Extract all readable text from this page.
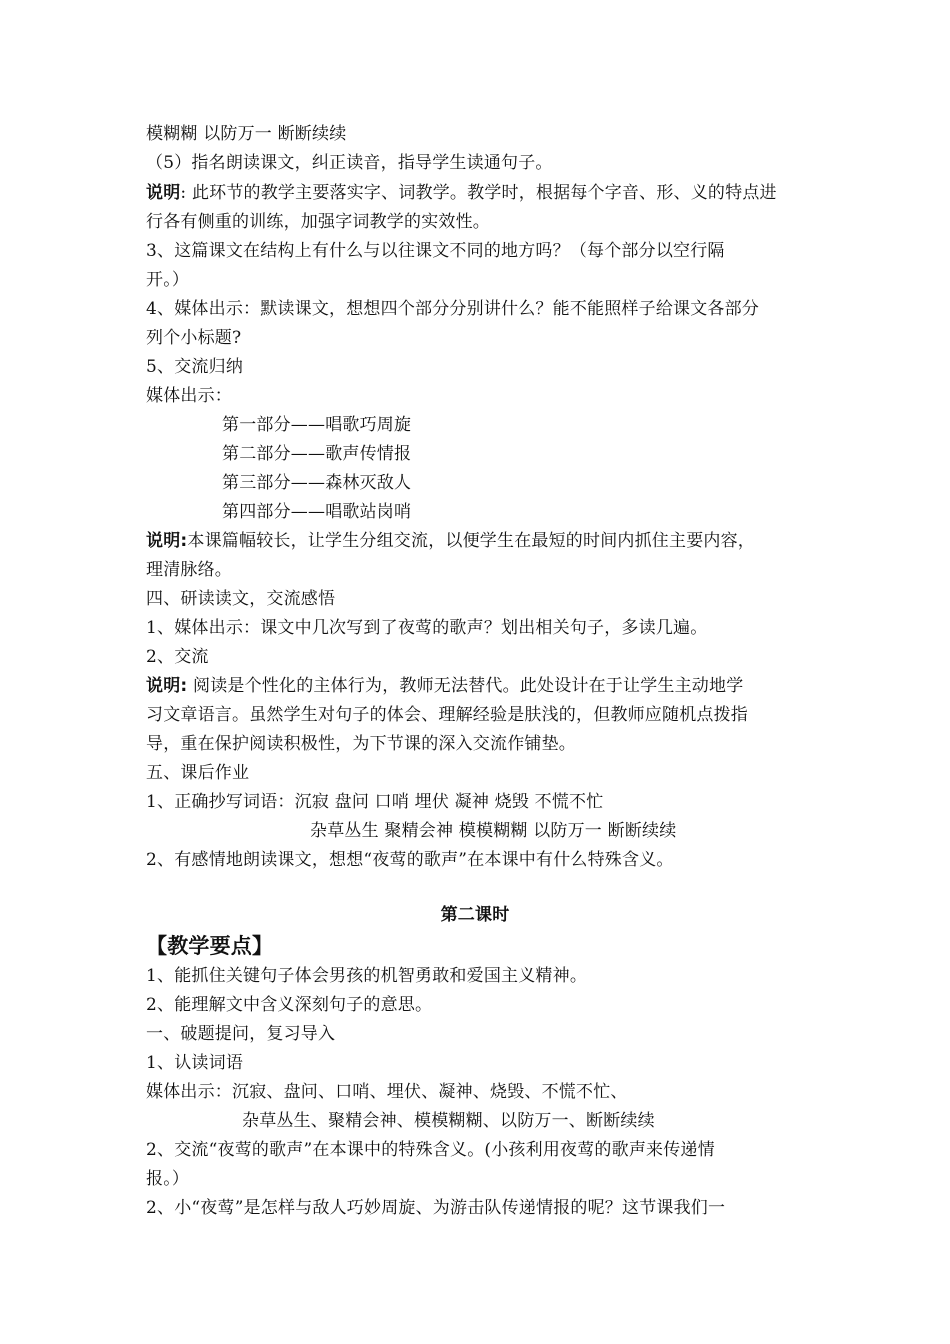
模糊糊 以防万一 断断续续
（5）指名朗读课文，纠正读音，指导学生读通句子。
说明: 此环节的教学主要落实字、词教学。教学时，根据每个字音、形、义的特点进
行各有侧重的训练，加强字词教学的实效性。
3、这篇课文在结构上有什么与以往课文不同的地方吗？（每个部分以空行隔
开。）
4、媒体出示：默读课文，想想四个部分分别讲什么？能不能照样子给课文各部分
列个小标题?
5、交流归纳
媒体出示：
第一部分——唱歌巧周旋
第二部分——歌声传情报
第三部分——森林灭敌人
第四部分——唱歌站岗哨
说明:本课篇幅较长，让学生分组交流，以便学生在最短的时间内抓住主要内容，
理清脉络。
四、研读读文，交流感悟
1、媒体出示：课文中几次写到了夜莺的歌声？划出相关句子，多读几遍。
2、交流
说明: 阅读是个性化的主体行为，教师无法替代。此处设计在于让学生主动地学
习文章语言。虽然学生对句子的体会、理解经验是肤浅的，但教师应随机点拨指
导，重在保护阅读积极性，为下节课的深入交流作铺垫。
五、课后作业
1、正确抄写词语：沉寂 盘问 口哨 埋伏 凝神 烧毁 不慌不忙
杂草丛生 聚精会神 模模糊糊 以防万一 断断续续
2、有感情地朗读课文，想想“夜莺的歌声”在本课中有什么特殊含义。
第二课时
【教学要点】
1、能抓住关键句子体会男孩的机智勇敢和爱国主义精神。
2、能理解文中含义深刻句子的意思。
一、破题提问，复习导入
1、认读词语
媒体出示：沉寂、盘问、口哨、埋伏、凝神、烧毁、不慌不忙、
杂草丛生、聚精会神、模模糊糊、以防万一、断断续续
2、交流“夜莺的歌声”在本课中的特殊含义。(小孩利用夜莺的歌声来传递情
报。）
2、小“夜莺”是怎样与敌人巧妙周旋、为游击队传递情报的呢？这节课我们一
